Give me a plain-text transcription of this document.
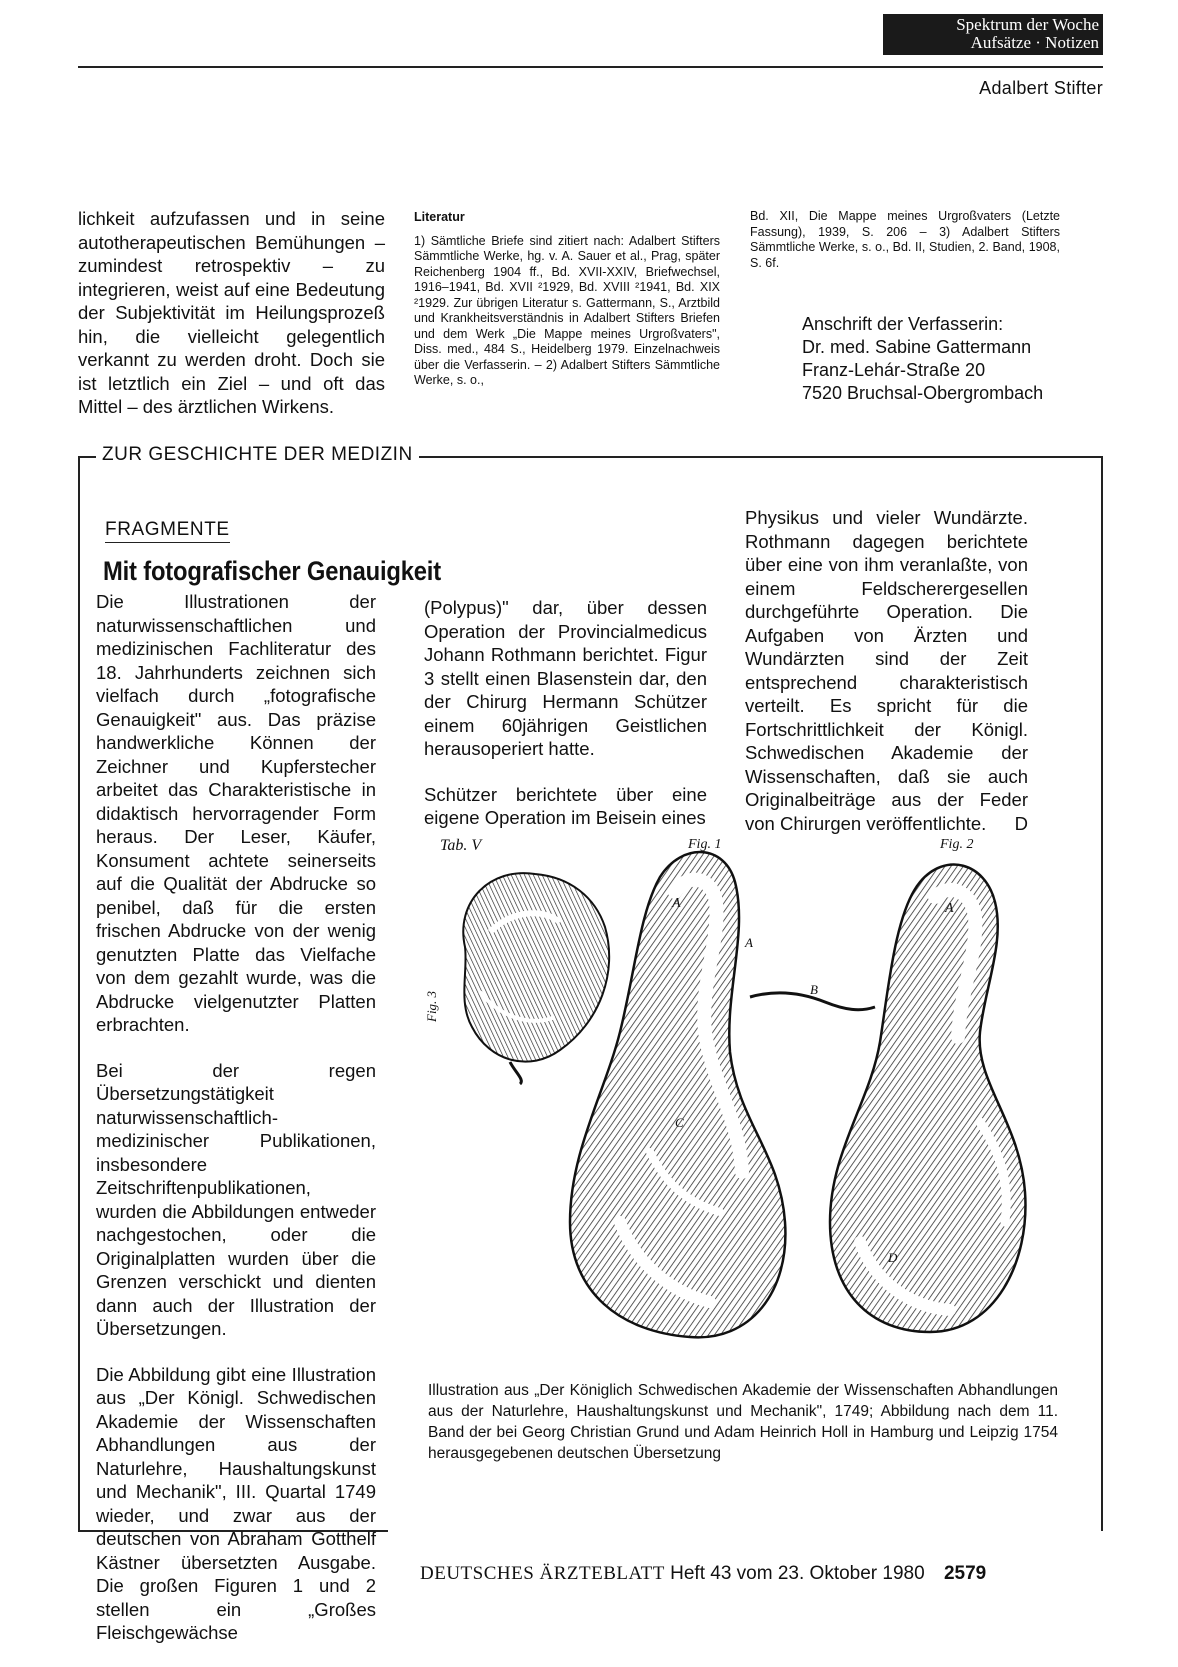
Spektrum der Woche
Aufsätze · Notizen
Adalbert Stifter

lichkeit aufzufassen und in seine autotherapeutischen Bemühungen – zumindest retrospektiv – zu integrieren, weist auf eine Bedeutung der Subjektivität im Heilungsprozeß hin, die vielleicht gelegentlich verkannt zu werden droht. Doch sie ist letztlich ein Ziel – und oft das Mittel – des ärztlichen Wirkens.

Literatur
1) Sämtliche Briefe sind zitiert nach: Adalbert Stifters Sämmtliche Werke, hg. v. A. Sauer et al., Prag, später Reichenberg 1904 ff., Bd. XVII-XXIV, Briefwechsel, 1916–1941, Bd. XVII ²1929, Bd. XVIII ²1941, Bd. XIX ²1929. Zur übrigen Literatur s. Gattermann, S., Arztbild und Krankheitsverständnis in Adalbert Stifters Briefen und dem Werk „Die Mappe meines Urgroßvaters", Diss. med., 484 S., Heidelberg 1979. Einzelnachweis über die Verfasserin. – 2) Adalbert Stifters Sämmtliche Werke, s. o.,
Bd. XII, Die Mappe meines Urgroßvaters (Letzte Fassung), 1939, S. 206 – 3) Adalbert Stifters Sämmtliche Werke, s. o., Bd. II, Studien, 2. Band, 1908, S. 6f.
Anschrift der Verfasserin:
Dr. med. Sabine Gattermann
Franz-Lehár-Straße 20
7520 Bruchsal-Obergrombach
ZUR GESCHICHTE DER MEDIZIN
FRAGMENTE
Mit fotografischer Genauigkeit

Die Illustrationen der naturwissenschaftlichen und medizinischen Fachliteratur des 18. Jahrhunderts zeichnen sich vielfach durch „fotografische Genauigkeit" aus. Das präzise handwerkliche Können der Zeichner und Kupferstecher arbeitet das Charakteristische in didaktisch hervorragender Form heraus. Der Leser, Käufer, Konsument achtete seinerseits auf die Qualität der Abdrucke so penibel, daß für die ersten frischen Abdrucke von der wenig genutzten Platte das Vielfache von dem gezahlt wurde, was die Abdrucke vielgenutzter Platten erbrachten.

Bei der regen Übersetzungstätigkeit naturwissenschaftlich-medizinischer Publikationen, insbesondere Zeitschriftenpublikationen, wurden die Abbildungen entweder nachgestochen, oder die Originalplatten wurden über die Grenzen verschickt und dienten dann auch der Illustration der Übersetzungen.

Die Abbildung gibt eine Illustration aus „Der Königl. Schwedischen Akademie der Wissenschaften Abhandlungen aus der Naturlehre, Haushaltungskunst und Mechanik", III. Quartal 1749 wieder, und zwar aus der deutschen von Abraham Gotthelf Kästner übersetzten Ausgabe. Die großen Figuren 1 und 2 stellen ein „Großes Fleischgewächse

(Polypus)" dar, über dessen Operation der Provincialmedicus Johann Rothmann berichtet. Figur 3 stellt einen Blasenstein dar, den der Chirurg Hermann Schützer einem 60jährigen Geistlichen herausoperiert hatte.

Schützer berichtete über eine eigene Operation im Beisein eines

Physikus und vieler Wundärzte. Rothmann dagegen berichtete über eine von ihm veranlaßte, von einem Feldscherergesellen durchgeführte Operation. Die Aufgaben von Ärzten und Wundärzten sind der Zeit entsprechend charakteristisch verteilt. Es spricht für die Fortschrittlichkeit der Königl. Schwedischen Akademie der Wissenschaften, daß sie auch Originalbeiträge aus der Feder von Chirurgen veröffentlichte.	D
Tab. V	Fig. 1	Fig. 2
Fig. 3
A	A
A
B
C
D
Illustration aus „Der Königlich Schwedischen Akademie der Wissenschaften Abhandlungen aus der Naturlehre, Haushaltungskunst und Mechanik", 1749; Abbildung nach dem 11. Band der bei Georg Christian Grund und Adam Heinrich Holl in Hamburg und Leipzig 1754 herausgegebenen deutschen Übersetzung
DEUTSCHES ÄRZTEBLATT Heft 43 vom 23. Oktober 1980 2579
